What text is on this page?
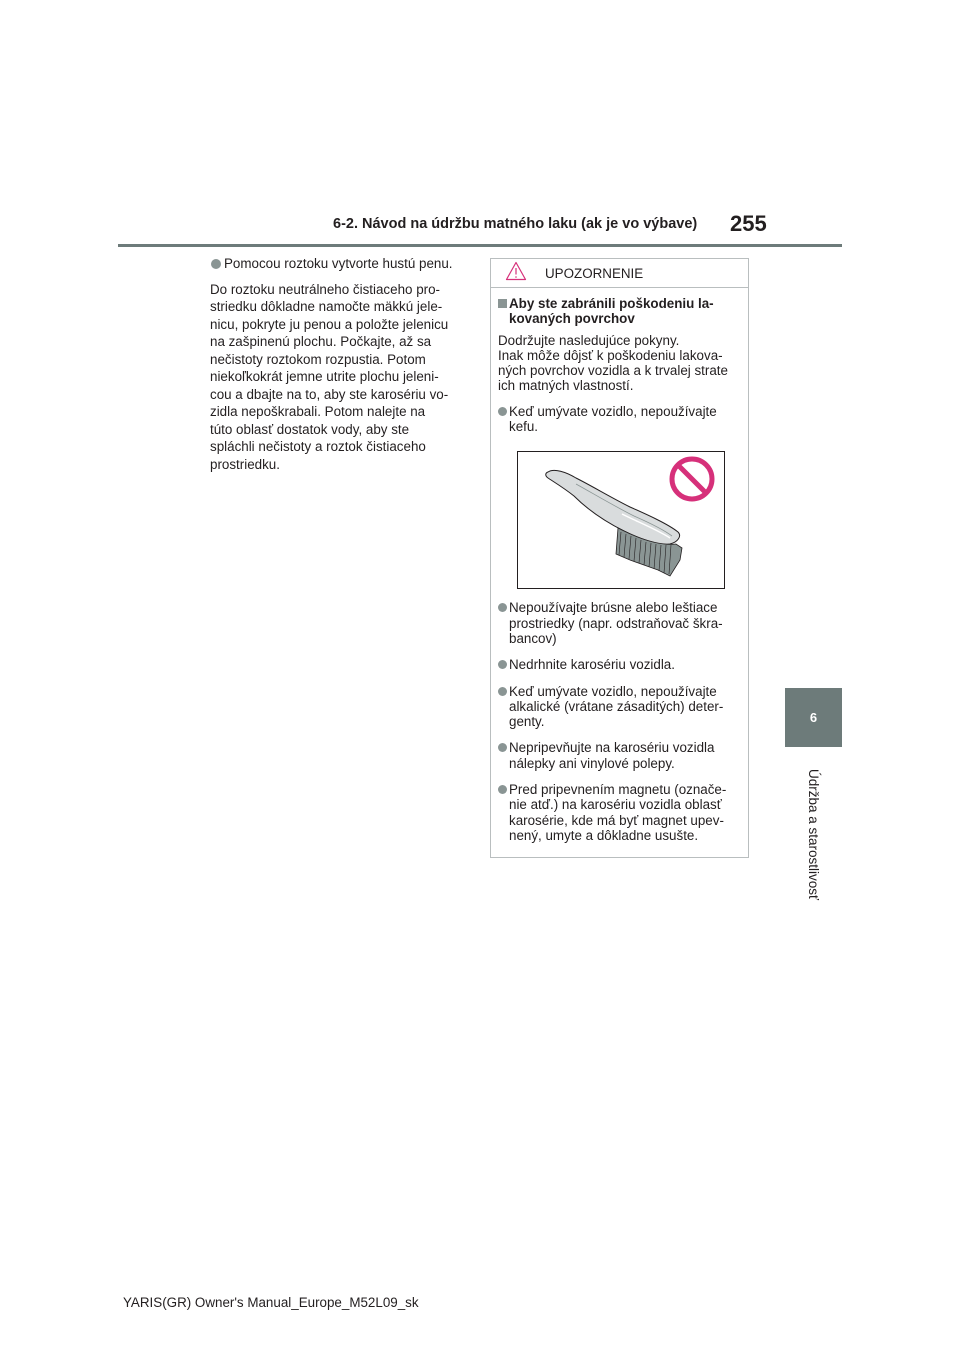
6-2. Návod na údržbu matného laku (ak je vo výbave) 255
6
Údržba a starostlivosť
Pomocou roztoku vytvorte hustú penu.

Do roztoku neutrálneho čistiaceho pro-
striedku dôkladne namočte mäkkú jele-
nicu, pokryte ju penou a položte jelenicu
na zašpinenú plochu. Počkajte, až sa
nečistoty roztokom rozpustia. Potom
niekoľkokrát jemne utrite plochu jeleni-
cou a dbajte na to, aby ste karosériu vo-
zidla nepoškrabali. Potom nalejte na
túto oblasť dostatok vody, aby ste
spláchli nečistoty a roztok čistiaceho
prostriedku.

UPOZORNENIE
Aby ste zabránili poškodeniu la-
kovaných povrchov

Dodržujte nasledujúce pokyny.
Inak môže dôjsť k poškodeniu lakova-
ných povrchov vozidla a k trvalej strate
ich matných vlastností.

Keď umývate vozidlo, nepoužívajte
kefu.
Nepoužívajte brúsne alebo leštiace
prostriedky (napr. odstraňovač škra-
bancov)
Nedrhnite karosériu vozidla.
Keď umývate vozidlo, nepoužívajte
alkalické (vrátane zásaditých) deter-
genty.
Nepripevňujte na karosériu vozidla
nálepky ani vinylové polepy.
Pred pripevnením magnetu (označe-
nie atď.) na karosériu vozidla oblasť
karosérie, kde má byť magnet upev-
nený, umyte a dôkladne usušte.
YARIS(GR) Owner's Manual_Europe_M52L09_sk
